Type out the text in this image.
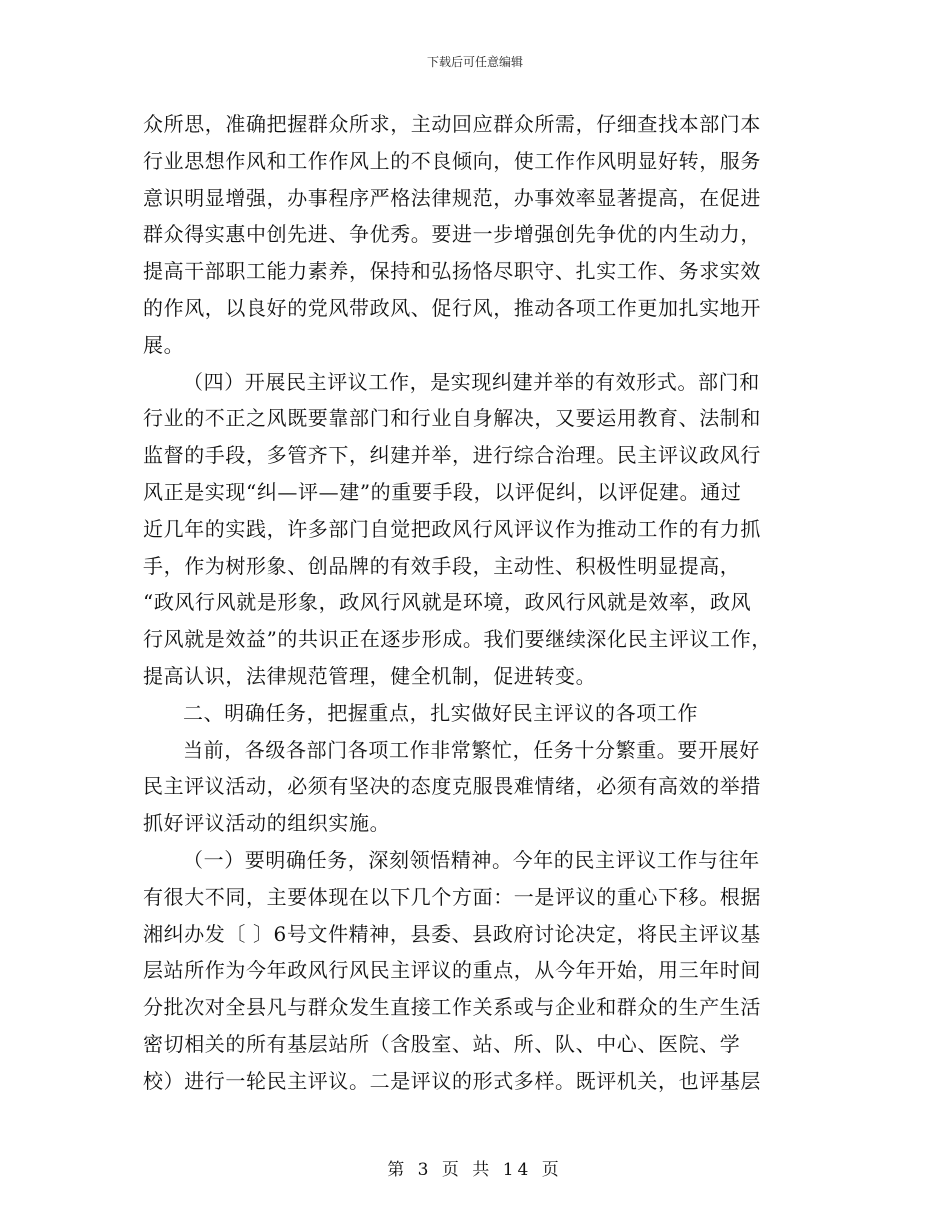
下载后可任意编辑
众所思，准确把握群众所求，主动回应群众所需，仔细查找本部门本
行业思想作风和工作作风上的不良倾向，使工作作风明显好转，服务
意识明显增强，办事程序严格法律规范，办事效率显著提高，在促进
群众得实惠中创先进、争优秀。要进一步增强创先争优的内生动力，
提高干部职工能力素养，保持和弘扬恪尽职守、扎实工作、务求实效
的作风，以良好的党风带政风、促行风，推动各项工作更加扎实地开
展。
（四）开展民主评议工作，是实现纠建并举的有效形式。部门和
行业的不正之风既要靠部门和行业自身解决，又要运用教育、法制和
监督的手段，多管齐下，纠建并举，进行综合治理。民主评议政风行
风正是实现“纠—评—建”的重要手段，以评促纠，以评促建。通过
近几年的实践，许多部门自觉把政风行风评议作为推动工作的有力抓
手，作为树形象、创品牌的有效手段，主动性、积极性明显提高，
“政风行风就是形象，政风行风就是环境，政风行风就是效率，政风
行风就是效益”的共识正在逐步形成。我们要继续深化民主评议工作，
提高认识，法律规范管理，健全机制，促进转变。
二、明确任务，把握重点，扎实做好民主评议的各项工作
当前，各级各部门各项工作非常繁忙，任务十分繁重。要开展好
民主评议活动，必须有坚决的态度克服畏难情绪，必须有高效的举措
抓好评议活动的组织实施。
（一）要明确任务，深刻领悟精神。今年的民主评议工作与往年
有很大不同，主要体现在以下几个方面：一是评议的重心下移。根据
湘纠办发〔 〕6号文件精神，县委、县政府讨论决定，将民主评议基
层站所作为今年政风行风民主评议的重点，从今年开始，用三年时间
分批次对全县凡与群众发生直接工作关系或与企业和群众的生产生活
密切相关的所有基层站所（含股室、站、所、队、中心、医院、学
校）进行一轮民主评议。二是评议的形式多样。既评机关，也评基层
第 3 页 共 14 页
